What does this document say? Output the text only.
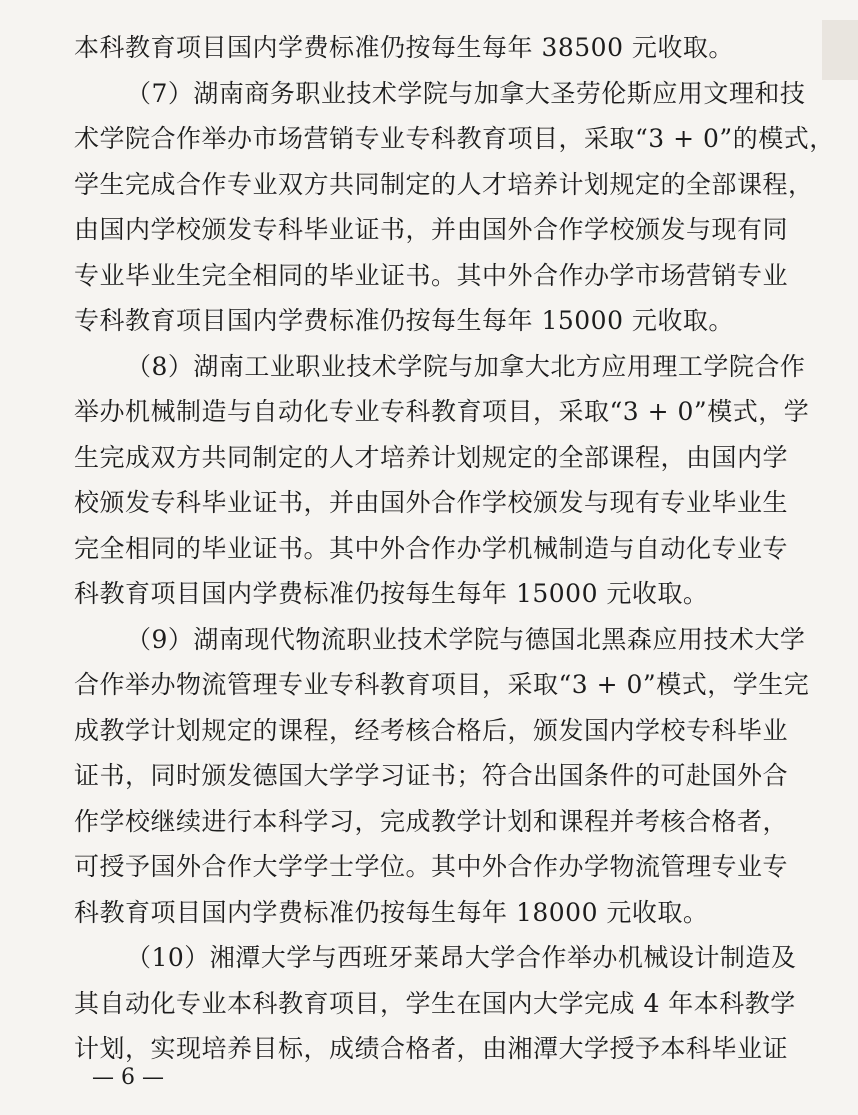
本科教育项目国内学费标准仍按每生每年 38500 元收取。
（7）湖南商务职业技术学院与加拿大圣劳伦斯应用文理和技
术学院合作举办市场营销专业专科教育项目，采取“3 + 0”的模式，
学生完成合作专业双方共同制定的人才培养计划规定的全部课程，
由国内学校颁发专科毕业证书，并由国外合作学校颁发与现有同
专业毕业生完全相同的毕业证书。其中外合作办学市场营销专业
专科教育项目国内学费标准仍按每生每年 15000 元收取。
（8）湖南工业职业技术学院与加拿大北方应用理工学院合作
举办机械制造与自动化专业专科教育项目，采取“3 + 0”模式，学
生完成双方共同制定的人才培养计划规定的全部课程，由国内学
校颁发专科毕业证书，并由国外合作学校颁发与现有专业毕业生
完全相同的毕业证书。其中外合作办学机械制造与自动化专业专
科教育项目国内学费标准仍按每生每年 15000 元收取。
（9）湖南现代物流职业技术学院与德国北黑森应用技术大学
合作举办物流管理专业专科教育项目，采取“3 + 0”模式，学生完
成教学计划规定的课程，经考核合格后，颁发国内学校专科毕业
证书，同时颁发德国大学学习证书；符合出国条件的可赴国外合
作学校继续进行本科学习，完成教学计划和课程并考核合格者，
可授予国外合作大学学士学位。其中外合作办学物流管理专业专
科教育项目国内学费标准仍按每生每年 18000 元收取。
（10）湘潭大学与西班牙莱昂大学合作举办机械设计制造及
其自动化专业本科教育项目，学生在国内大学完成 4 年本科教学
计划，实现培养目标，成绩合格者，由湘潭大学授予本科毕业证
— 6 —
